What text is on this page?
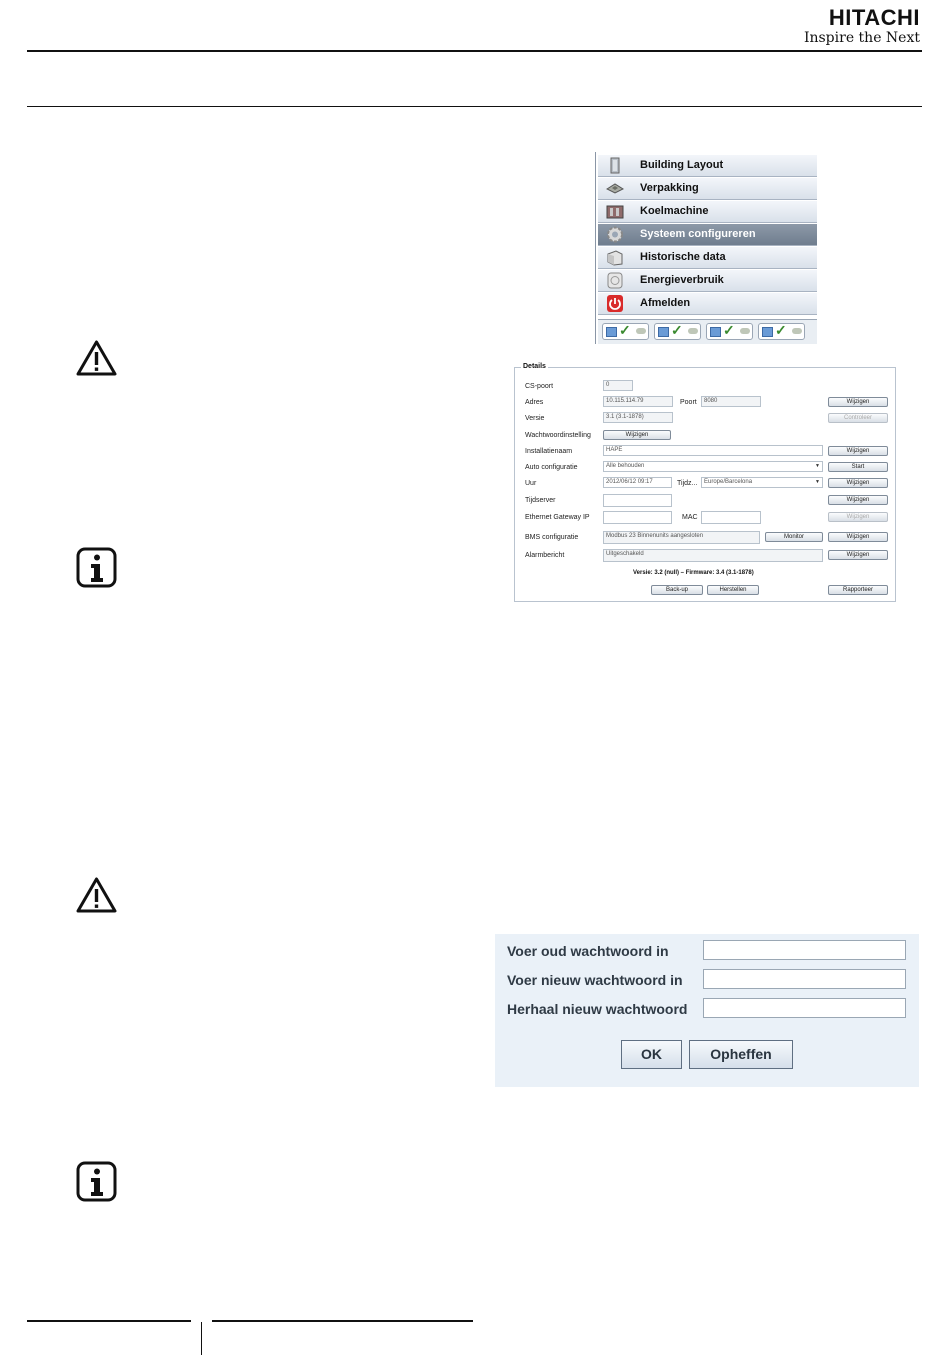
HITACHI
Inspire the Next
Building Layout
Verpakking
Koelmachine
Systeem configureren
Historische data
Energieverbruik
Afmelden
✓	✓	✓	✓
Details
CS-poort	0
Adres	10.115.114.79	Poort	8080	Wijzigen
Versie	3.1 (3.1-1878)	Controleer
Wachtwoordinstelling	Wijzigen
Installatienaam	HAPE	Wijzigen
Auto configuratie	Alle behouden ▼	Start
Uur	2012/06/12 09:17	Tijdz...	Europe/Barcelona ▼	Wijzigen
Tijdserver	Wijzigen
Ethernet Gateway IP	MAC	Wijzigen
BMS configuratie	Modbus 23 Binnenunits aangesloten	Monitor	Wijzigen
Alarmbericht	Uitgeschakeld	Wijzigen
Versie: 3.2 (null) – Firmware: 3.4 (3.1-1878)
Back-up	Herstellen	Rapporteer
Voer oud wachtwoord in
Voer nieuw wachtwoord in
Herhaal nieuw wachtwoord
OK	Opheffen
